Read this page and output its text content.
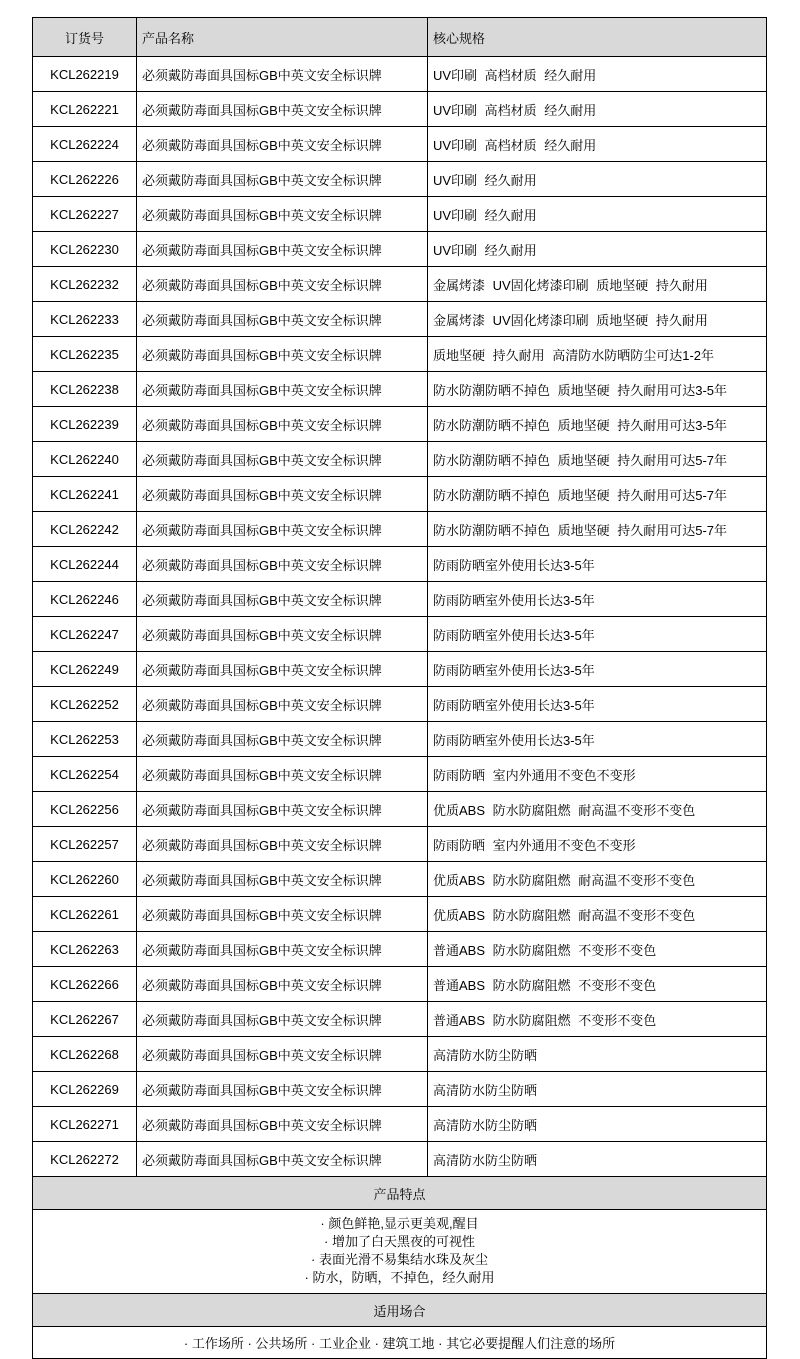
订货号	产品名称	核心规格
KCL262219	必须戴防毒面具国标GB中英文安全标识牌	UV印刷 高档材质 经久耐用
KCL262221	必须戴防毒面具国标GB中英文安全标识牌	UV印刷 高档材质 经久耐用
KCL262224	必须戴防毒面具国标GB中英文安全标识牌	UV印刷 高档材质 经久耐用
KCL262226	必须戴防毒面具国标GB中英文安全标识牌	UV印刷 经久耐用
KCL262227	必须戴防毒面具国标GB中英文安全标识牌	UV印刷 经久耐用
KCL262230	必须戴防毒面具国标GB中英文安全标识牌	UV印刷 经久耐用
KCL262232	必须戴防毒面具国标GB中英文安全标识牌	金属烤漆 UV固化烤漆印刷 质地坚硬 持久耐用
KCL262233	必须戴防毒面具国标GB中英文安全标识牌	金属烤漆 UV固化烤漆印刷 质地坚硬 持久耐用
KCL262235	必须戴防毒面具国标GB中英文安全标识牌	质地坚硬 持久耐用 高清防水防晒防尘可达1-2年
KCL262238	必须戴防毒面具国标GB中英文安全标识牌	防水防潮防晒不掉色 质地坚硬 持久耐用可达3-5年
KCL262239	必须戴防毒面具国标GB中英文安全标识牌	防水防潮防晒不掉色 质地坚硬 持久耐用可达3-5年
KCL262240	必须戴防毒面具国标GB中英文安全标识牌	防水防潮防晒不掉色 质地坚硬 持久耐用可达5-7年
KCL262241	必须戴防毒面具国标GB中英文安全标识牌	防水防潮防晒不掉色 质地坚硬 持久耐用可达5-7年
KCL262242	必须戴防毒面具国标GB中英文安全标识牌	防水防潮防晒不掉色 质地坚硬 持久耐用可达5-7年
KCL262244	必须戴防毒面具国标GB中英文安全标识牌	防雨防晒室外使用长达3-5年
KCL262246	必须戴防毒面具国标GB中英文安全标识牌	防雨防晒室外使用长达3-5年
KCL262247	必须戴防毒面具国标GB中英文安全标识牌	防雨防晒室外使用长达3-5年
KCL262249	必须戴防毒面具国标GB中英文安全标识牌	防雨防晒室外使用长达3-5年
KCL262252	必须戴防毒面具国标GB中英文安全标识牌	防雨防晒室外使用长达3-5年
KCL262253	必须戴防毒面具国标GB中英文安全标识牌	防雨防晒室外使用长达3-5年
KCL262254	必须戴防毒面具国标GB中英文安全标识牌	防雨防晒 室内外通用不变色不变形
KCL262256	必须戴防毒面具国标GB中英文安全标识牌	优质ABS 防水防腐阻燃 耐高温不变形不变色
KCL262257	必须戴防毒面具国标GB中英文安全标识牌	防雨防晒 室内外通用不变色不变形
KCL262260	必须戴防毒面具国标GB中英文安全标识牌	优质ABS 防水防腐阻燃 耐高温不变形不变色
KCL262261	必须戴防毒面具国标GB中英文安全标识牌	优质ABS 防水防腐阻燃 耐高温不变形不变色
KCL262263	必须戴防毒面具国标GB中英文安全标识牌	普通ABS 防水防腐阻燃 不变形不变色
KCL262266	必须戴防毒面具国标GB中英文安全标识牌	普通ABS 防水防腐阻燃 不变形不变色
KCL262267	必须戴防毒面具国标GB中英文安全标识牌	普通ABS 防水防腐阻燃 不变形不变色
KCL262268	必须戴防毒面具国标GB中英文安全标识牌	高清防水防尘防晒
KCL262269	必须戴防毒面具国标GB中英文安全标识牌	高清防水防尘防晒
KCL262271	必须戴防毒面具国标GB中英文安全标识牌	高清防水防尘防晒
KCL262272	必须戴防毒面具国标GB中英文安全标识牌	高清防水防尘防晒
产品特点		

· 颜色鲜艳,显示更美观,醒目
· 增加了白天黑夜的可视性
· 表面光滑不易集结水珠及灰尘
· 防水，防晒，不掉色，经久耐用		

适用场合		
· 工作场所 · 公共场所 · 工业企业 · 建筑工地 · 其它必要提醒人们注意的场所		
